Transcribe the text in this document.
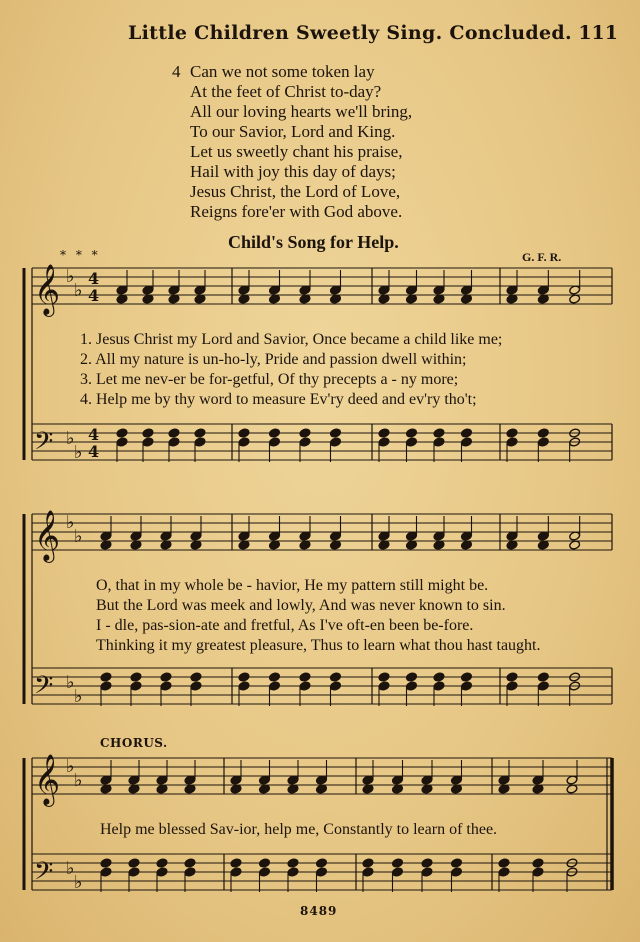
Little Children Sweetly Sing. Concluded. 111
4 Can we not some token lay
At the feet of Christ to-day?
All our loving hearts we'll bring,
To our Savior, Lord and King.
Let us sweetly chant his praise,
Hail with joy this day of days;
Jesus Christ, the Lord of Love,
Reigns fore'er with God above.
* * *
Child's Song for Help.
G. F. R.
𝄞
𝄢
♭
♭
♭
♭
4
4
4
4
𝄞
𝄢
♭
♭
♭
♭
𝄞
𝄢
♭
♭
♭
♭
1. Jesus Christ my Lord and Savior, Once became a child like me;
2. All my nature is un-ho-ly, Pride and passion dwell within;
3. Let me nev-er be for-getful, Of thy precepts a - ny more;
4. Help me by thy word to measure Ev'ry deed and ev'ry tho't;
O, that in my whole be - havior, He my pattern still might be.
But the Lord was meek and lowly, And was never known to sin.
I - dle, pas-sion-ate and fretful, As I've oft-en been be-fore.
Thinking it my greatest pleasure, Thus to learn what thou hast taught.
CHORUS.
Help me blessed Sav-ior, help me, Constantly to learn of thee.
8489
